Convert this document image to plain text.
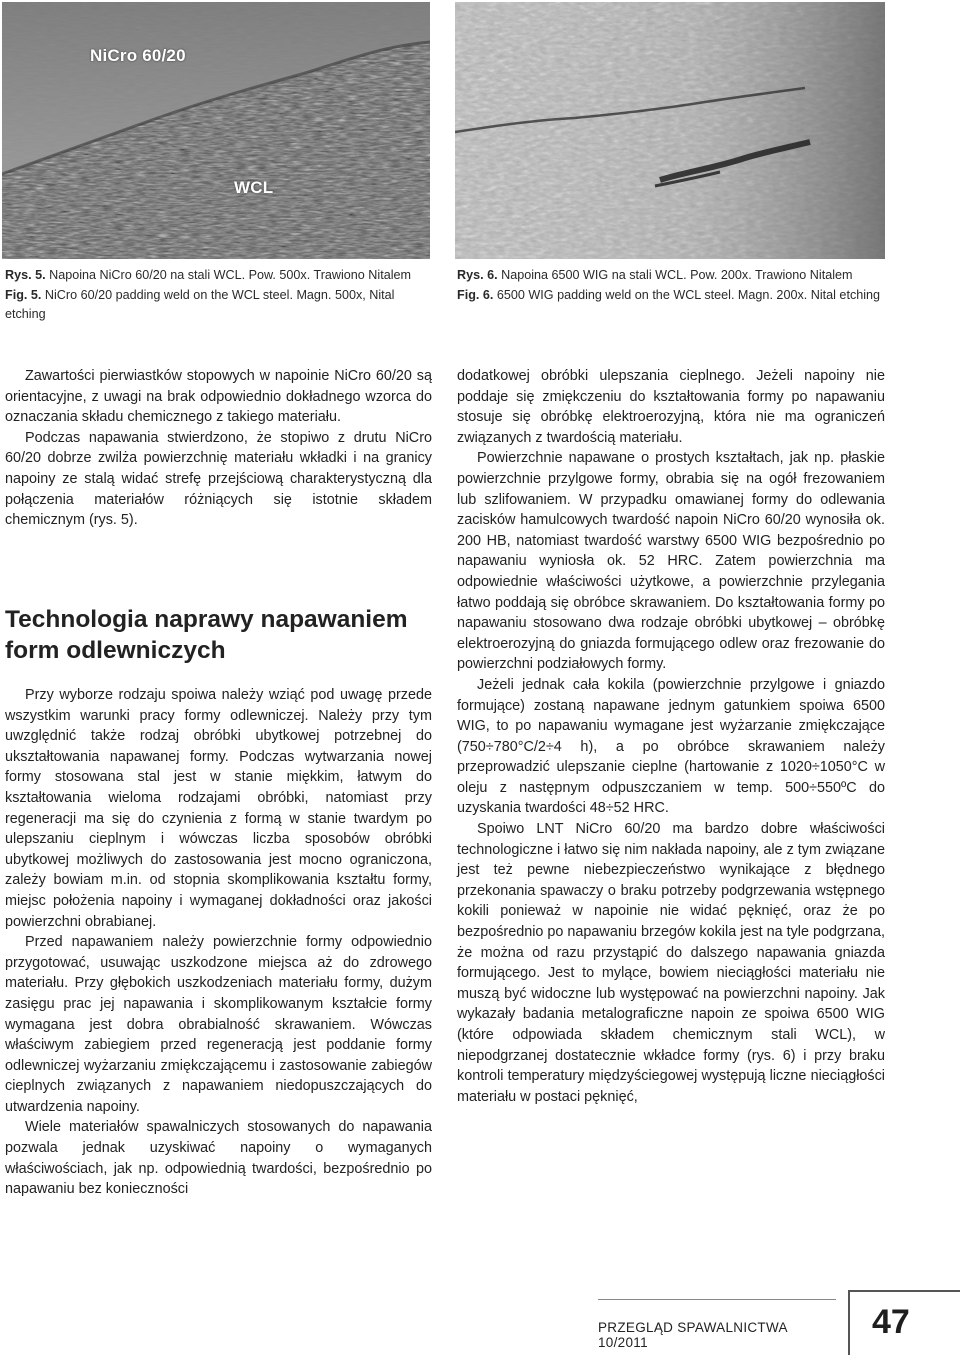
NiCro 60/20
WCL
Rys. 5. Napoina NiCro 60/20 na stali WCL. Pow. 500x. Trawiono Nitalem
Fig. 5. NiCro 60/20 padding weld on the WCL steel. Magn. 500x, Nital etching
Rys. 6. Napoina 6500 WIG na stali WCL. Pow. 200x. Trawiono Nitalem
Fig. 6. 6500 WIG padding weld on the WCL steel. Magn. 200x. Nital etching

Zawartości pierwiastków stopowych w napoinie NiCro 60/20 są orientacyjne, z uwagi na brak odpowiednio dokładnego wzorca do oznaczania składu chemicznego z takiego materiału.

Podczas napawania stwierdzono, że stopiwo z drutu NiCro 60/20 dobrze zwilża powierzchnię materiału wkładki i na granicy napoiny ze stalą widać strefę przejściową charakterystyczną dla połączenia materiałów różniących się istotnie składem chemicznym (rys. 5).

Technologia naprawy napawaniem form odlewniczych

Przy wyborze rodzaju spoiwa należy wziąć pod uwagę przede wszystkim warunki pracy formy odlewniczej. Należy przy tym uwzględnić także rodzaj obróbki ubytkowej potrzebnej do ukształtowania napawanej formy. Podczas wytwarzania nowej formy stosowana stal jest w stanie miękkim, łatwym do kształtowania wieloma rodzajami obróbki, natomiast przy regeneracji ma się do czynienia z formą w stanie twardym po ulepszaniu cieplnym i wówczas liczba sposobów obróbki ubytkowej możliwych do zastosowania jest mocno ograniczona, zależy bowiam m.in. od stopnia skomplikowania kształtu formy, miejsc położenia napoiny i wymaganej dokładności oraz jakości powierzchni obrabianej.

Przed napawaniem należy powierzchnie formy odpowiednio przygotować, usuwając uszkodzone miejsca aż do zdrowego materiału. Przy głębokich uszkodzeniach materiału formy, dużym zasięgu prac jej napawania i skomplikowanym kształcie formy wymagana jest dobra obrabialność skrawaniem. Wówczas właściwym zabiegiem przed regeneracją jest poddanie formy odlewniczej wyżarzaniu zmiękczającemu i zastosowanie zabiegów cieplnych związanych z napawaniem niedopuszczających do utwardzenia napoiny.

Wiele materiałów spawalniczych stosowanych do napawania pozwala jednak uzyskiwać napoiny o wymaganych właściwościach, jak np. odpowiednią twardości, bezpośrednio po napawaniu bez konieczności

dodatkowej obróbki ulepszania cieplnego. Jeżeli napoiny nie poddaje się zmiękczeniu do kształtowania formy po napawaniu stosuje się obróbkę elektroerozyjną, która nie ma ograniczeń związanych z twardością materiału.

Powierzchnie napawane o prostych kształtach, jak np. płaskie powierzchnie przylgowe formy, obrabia się na ogół frezowaniem lub szlifowaniem. W przypadku omawianej formy do odlewania zacisków hamulcowych twardość napoin NiCro 60/20 wynosiła ok. 200 HB, natomiast twardość warstwy 6500 WIG bezpośrednio po napawaniu wyniosła ok. 52 HRC. Zatem powierzchnia ma odpowiednie właściwości użytkowe, a powierzchnie przylegania łatwo poddają się obróbce skrawaniem. Do kształtowania formy po napawaniu stosowano dwa rodzaje obróbki ubytkowej – obróbkę elektroerozyjną do gniazda formującego odlew oraz frezowanie do powierzchni podziałowych formy.

Jeżeli jednak cała kokila (powierzchnie przylgowe i gniazdo formujące) zostaną napawane jednym gatunkiem spoiwa 6500 WIG, to po napawaniu wymagane jest wyżarzanie zmiękczające (750÷780°C/2÷4 h), a po obróbce skrawaniem należy przeprowadzić ulepszanie cieplne (hartowanie z 1020÷1050°C w oleju z następnym odpuszczaniem w temp. 500÷550ºC do uzyskania twardości 48÷52 HRC.

Spoiwo LNT NiCro 60/20 ma bardzo dobre właściwości technologiczne i łatwo się nim nakłada napoiny, ale z tym związane jest też pewne niebezpieczeństwo wynikające z błędnego przekonania spawaczy o braku potrzeby podgrzewania wstępnego kokili ponieważ w napoinie nie widać pęknięć, oraz że po bezpośrednio po napawaniu brzegów kokila jest na tyle podgrzana, że można od razu przystąpić do dalszego napawania gniazda formującego. Jest to mylące, bowiem nieciągłości materiału nie muszą być widoczne lub występować na powierzchni napoiny. Jak wykazały badania metalograficzne napoin ze spoiwa 6500 WIG (które odpowiada składem chemicznym stali WCL), w niepodgrzanej dostatecznie wkładce formy (rys. 6) i przy braku kontroli temperatury międzyściegowej występują liczne nieciągłości materiału w postaci pęknięć,

PRZEGLĄD SPAWALNICTWA 10/2011
47
